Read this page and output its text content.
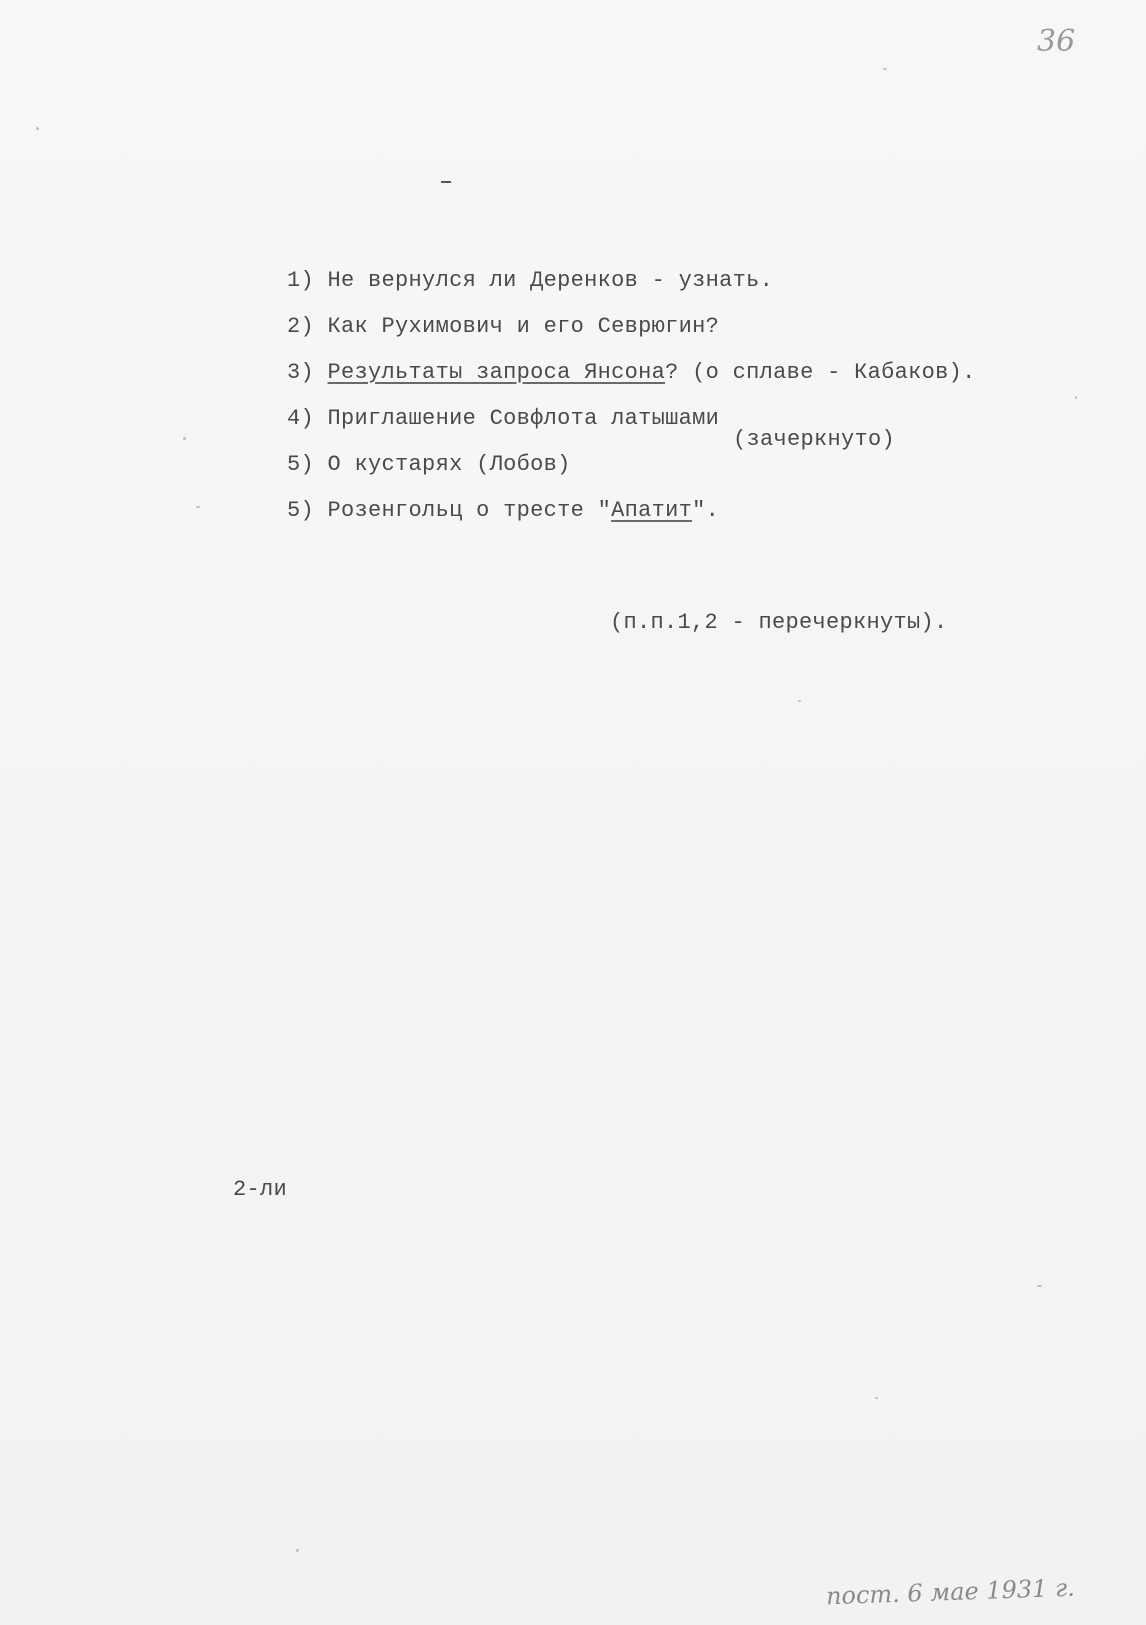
36

1) Не вернулся ли Деренков - узнать.

2) Как Рухимович и его Севрюгин?

3) Результаты запроса Янсона? (о сплаве - Кабаков).

4) Приглашение Совфлота латышами

5) О кустарях (Лобов)

(зачеркнуто)

5) Розенгольц о тресте "Апатит".

(п.п.1,2 - перечеркнуты).
2-ли
пост. 6 мае 1931 г.
